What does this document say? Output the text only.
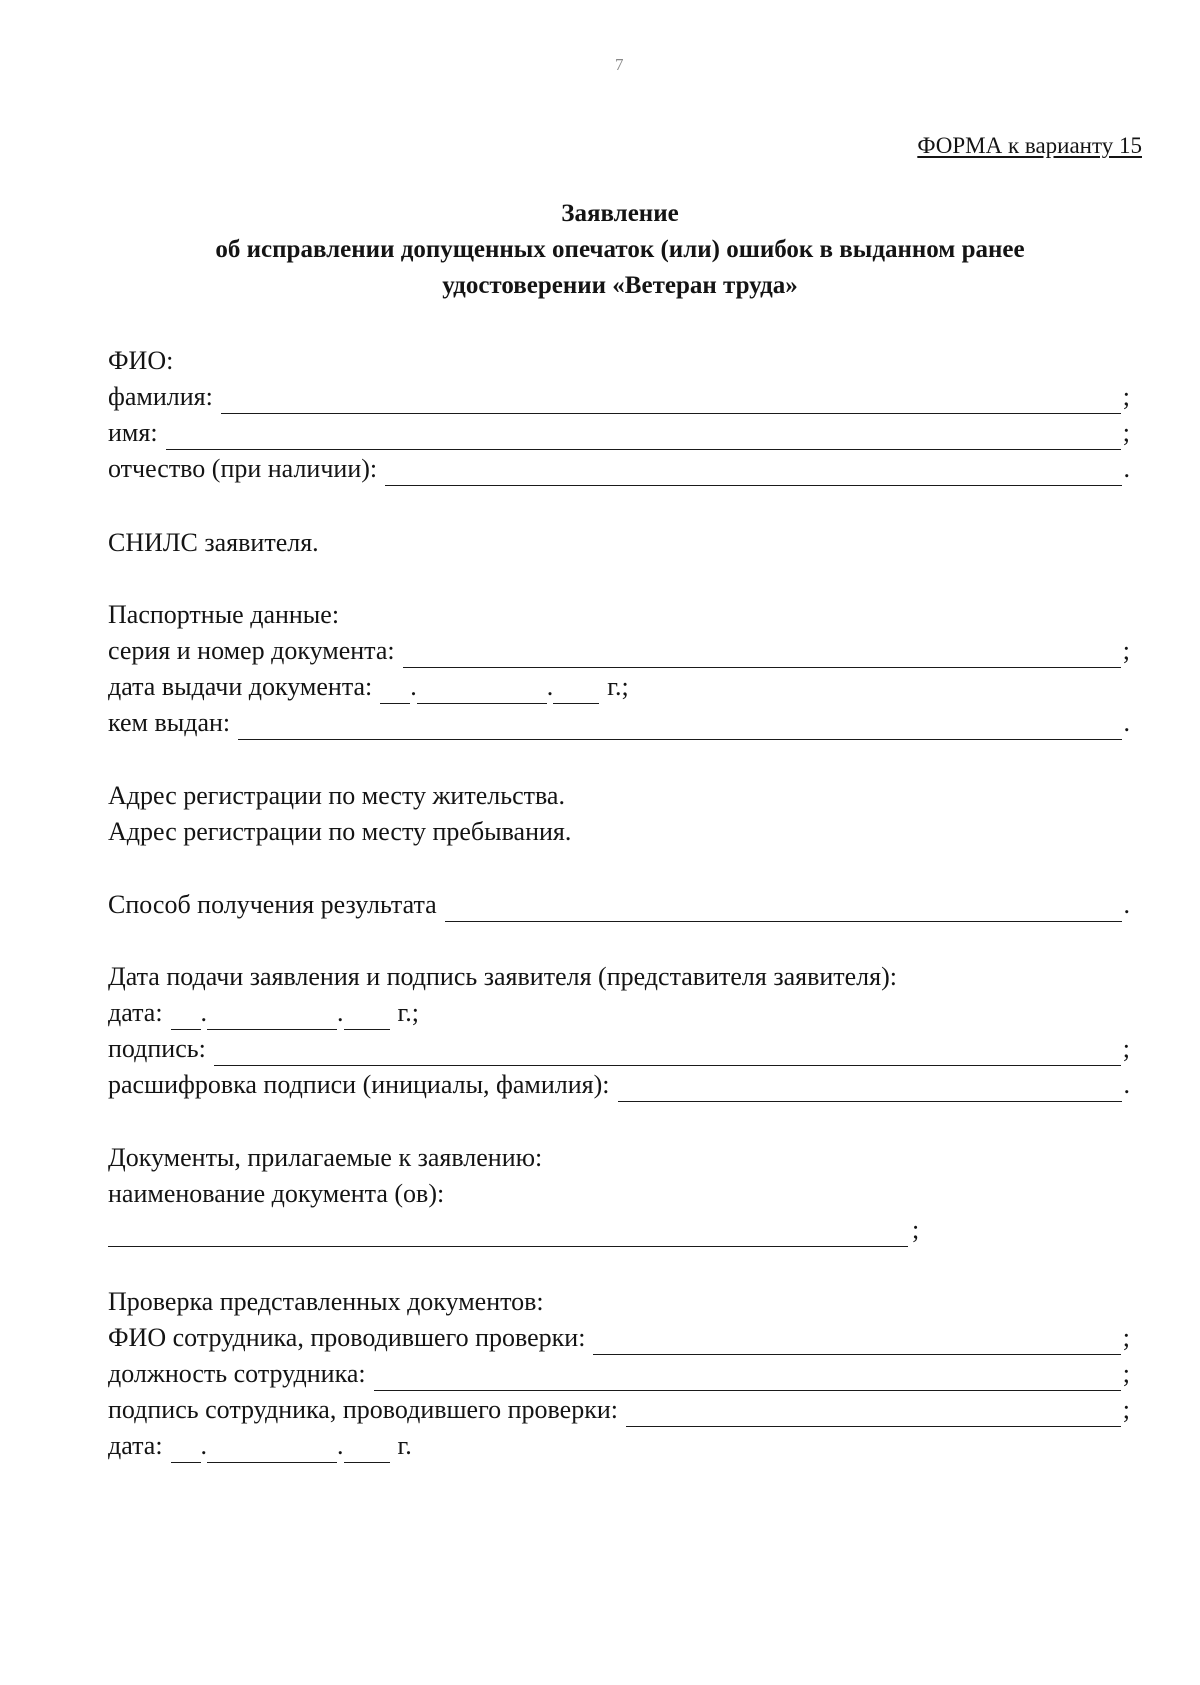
7
ФОРМА к варианту 15
Заявление
об исправлении допущенных опечаток (или) ошибок в выданном ранее
удостоверении «Ветеран труда»
ФИО:
фамилия:	;
имя:	;
отчество (при наличии):	.
СНИЛС заявителя.
Паспортные данные:
серия и номер документа:	;
дата выдачи документа: .	. г.;
кем выдан:	.
Адрес регистрации по месту жительства.
Адрес регистрации по месту пребывания.
Способ получения результата	.
Дата подачи заявления и подпись заявителя (представителя заявителя):
дата: .	. г.;
подпись:	;
расшифровка подписи (инициалы, фамилия):	.
Документы, прилагаемые к заявлению:
наименование документа (ов):
;
Проверка представленных документов:
ФИО сотрудника, проводившего проверки:	;
должность сотрудника:	;
подпись сотрудника, проводившего проверки:	;
дата: .	. г.
